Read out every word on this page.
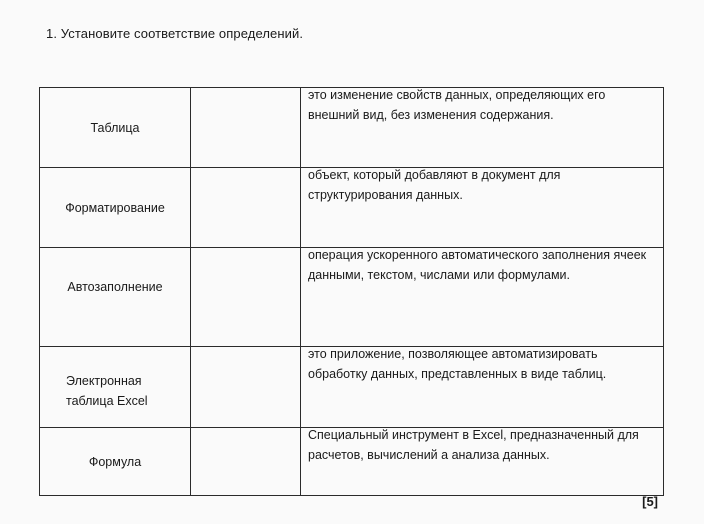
1. Установите соответствие определений.
Таблица		это изменение свойств данных, определяющих его внешний вид, без изменения содержания.

Форматирование		объект, который добавляют в документ для структурирования данных.

Автозаполнение		операция ускоренного автоматического заполнения ячеек данными, текстом, числами или формулами.

Электронная таблица Excel		это приложение, позволяющее автоматизировать обработку данных, представленных в виде таблиц.

Формула		Специальный инструмент в Excel, предназначенный для расчетов, вычислений а анализа данных.
[5]
